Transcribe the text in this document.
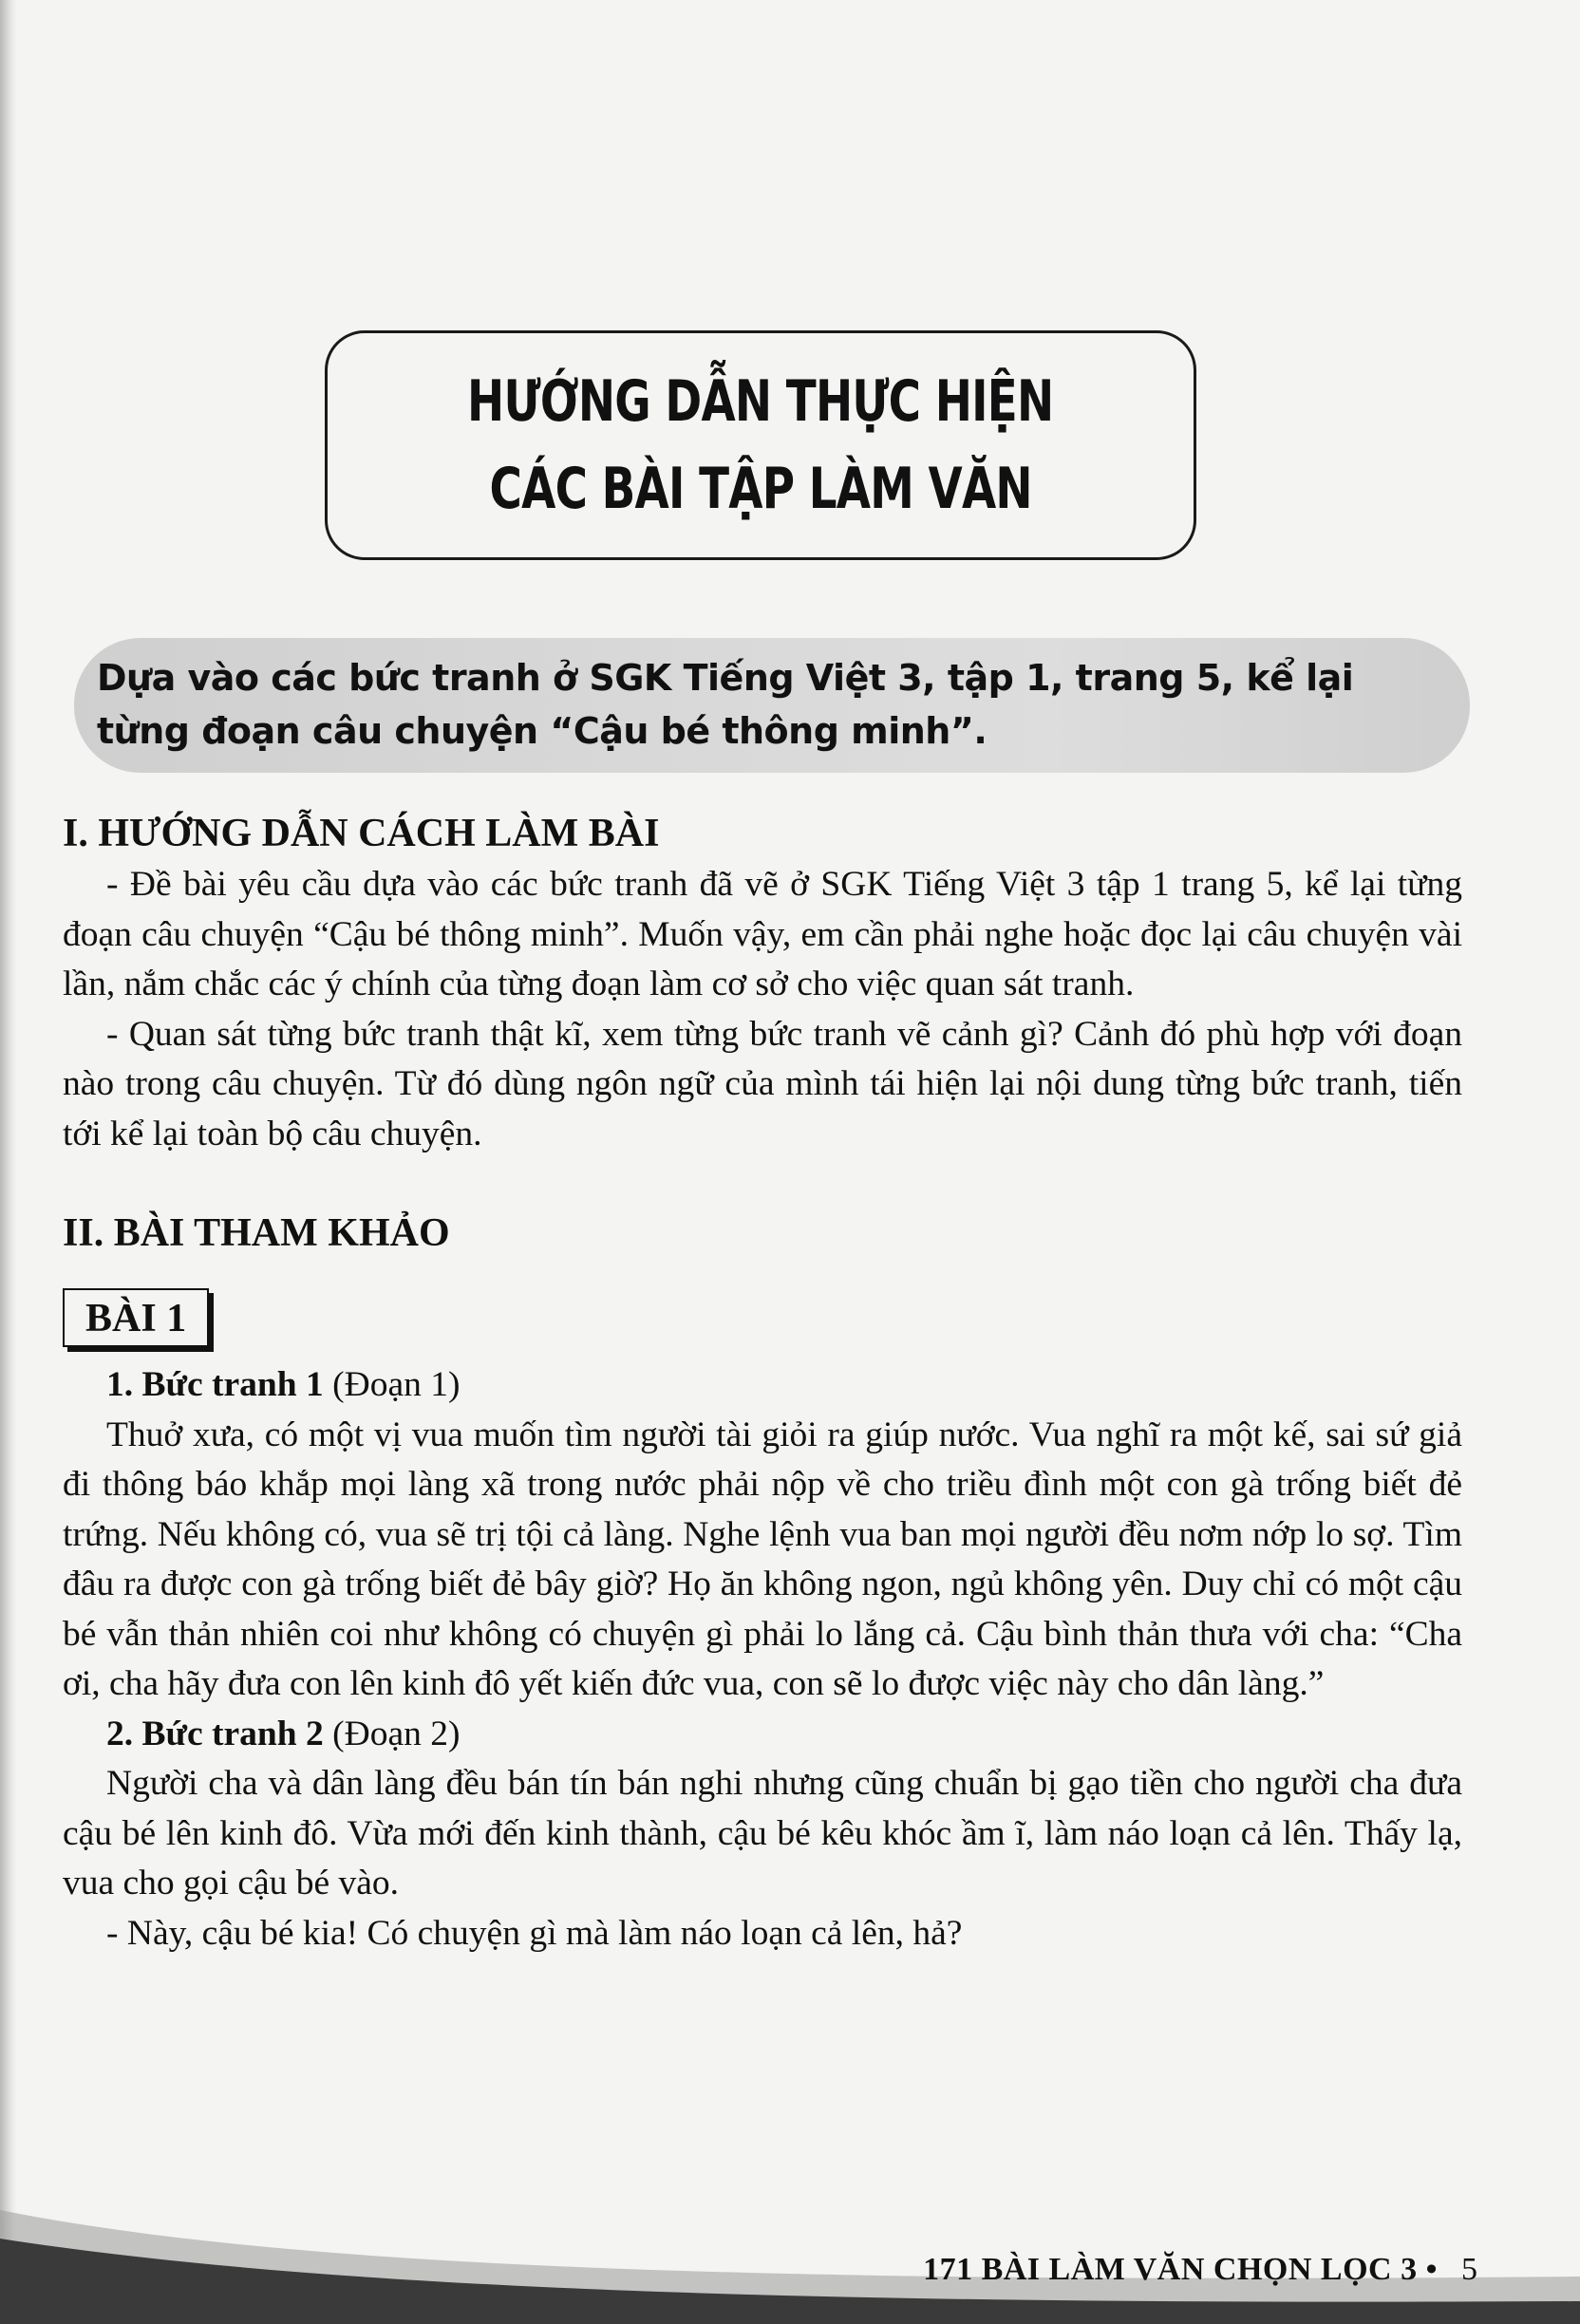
HƯỚNG DẪN THỰC HIỆN
CÁC BÀI TẬP LÀM VĂN
Dựa vào các bức tranh ở SGK Tiếng Việt 3, tập 1, trang 5, kể lại
từng đoạn câu chuyện “Cậu bé thông minh”.
I. HƯỚNG DẪN CÁCH LÀM BÀI

- Đề bài yêu cầu dựa vào các bức tranh đã vẽ ở SGK Tiếng Việt 3 tập 1 trang 5, kể lại từng đoạn câu chuyện “Cậu bé thông minh”. Muốn vậy, em cần phải nghe hoặc đọc lại câu chuyện vài lần, nắm chắc các ý chính của từng đoạn làm cơ sở cho việc quan sát tranh.

- Quan sát từng bức tranh thật kĩ, xem từng bức tranh vẽ cảnh gì? Cảnh đó phù hợp với đoạn nào trong câu chuyện. Từ đó dùng ngôn ngữ của mình tái hiện lại nội dung từng bức tranh, tiến tới kể lại toàn bộ câu chuyện.

II. BÀI THAM KHẢO
BÀI 1
1. Bức tranh 1 (Đoạn 1)

Thuở xưa, có một vị vua muốn tìm người tài giỏi ra giúp nước. Vua nghĩ ra một kế, sai sứ giả đi thông báo khắp mọi làng xã trong nước phải nộp về cho triều đình một con gà trống biết đẻ trứng. Nếu không có, vua sẽ trị tội cả làng. Nghe lệnh vua ban mọi người đều nơm nớp lo sợ. Tìm đâu ra được con gà trống biết đẻ bây giờ? Họ ăn không ngon, ngủ không yên. Duy chỉ có một cậu bé vẫn thản nhiên coi như không có chuyện gì phải lo lắng cả. Cậu bình thản thưa với cha: “Cha ơi, cha hãy đưa con lên kinh đô yết kiến đức vua, con sẽ lo được việc này cho dân làng.”

2. Bức tranh 2 (Đoạn 2)

Người cha và dân làng đều bán tín bán nghi nhưng cũng chuẩn bị gạo tiền cho người cha đưa cậu bé lên kinh đô. Vừa mới đến kinh thành, cậu bé kêu khóc ầm ĩ, làm náo loạn cả lên. Thấy lạ, vua cho gọi cậu bé vào.

- Này, cậu bé kia! Có chuyện gì mà làm náo loạn cả lên, hả?

171 BÀI LÀM VĂN CHỌN LỌC 3 • 5
